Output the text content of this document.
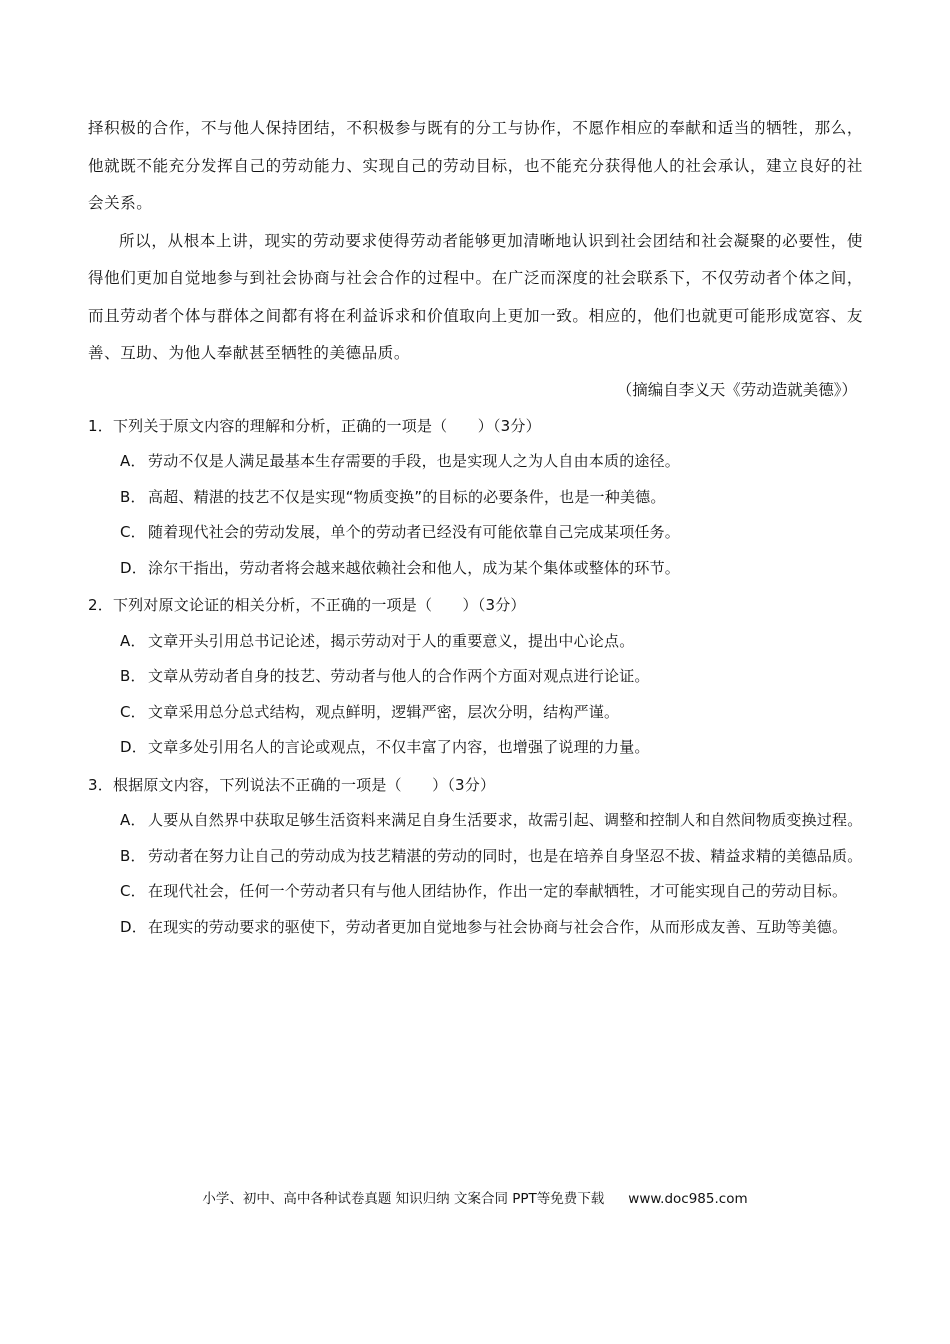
择积极的合作，不与他人保持团结，不积极参与既有的分工与协作，不愿作相应的奉献和适当的牺牲，那么，他就既不能充分发挥自己的劳动能力、实现自己的劳动目标，也不能充分获得他人的社会承认，建立良好的社会关系。

所以，从根本上讲，现实的劳动要求使得劳动者能够更加清晰地认识到社会团结和社会凝聚的必要性，使得他们更加自觉地参与到社会协商与社会合作的过程中。在广泛而深度的社会联系下，不仅劳动者个体之间，而且劳动者个体与群体之间都有将在利益诉求和价值取向上更加一致。相应的，他们也就更可能形成宽容、友善、互助、为他人奉献甚至牺牲的美德品质。

（摘编自李义天《劳动造就美德》）

1．下列关于原文内容的理解和分析，正确的一项是（　　）（3分）

A． 劳动不仅是人满足最基本生存需要的手段，也是实现人之为人自由本质的途径。

B． 高超、精湛的技艺不仅是实现“物质变换”的目标的必要条件，也是一种美德。

C． 随着现代社会的劳动发展，单个的劳动者已经没有可能依靠自己完成某项任务。

D．涂尔干指出，劳动者将会越来越依赖社会和他人，成为某个集体或整体的环节。

2．下列对原文论证的相关分析，不正确的一项是（　　）（3分）

A． 文章开头引用总书记论述，揭示劳动对于人的重要意义，提出中心论点。

B． 文章从劳动者自身的技艺、劳动者与他人的合作两个方面对观点进行论证。

C． 文章采用总分总式结构，观点鲜明，逻辑严密，层次分明，结构严谨。

D．文章多处引用名人的言论或观点，不仅丰富了内容，也增强了说理的力量。

3．根据原文内容，下列说法不正确的一项是（　　）（3分）

A． 人要从自然界中获取足够生活资料来满足自身生活要求，故需引起、调整和控制人和自然间物质变换过程。

B． 劳动者在努力让自己的劳动成为技艺精湛的劳动的同时，也是在培养自身坚忍不拔、精益求精的美德品质。

C． 在现代社会，任何一个劳动者只有与他人团结协作，作出一定的奉献牺牲，才可能实现自己的劳动目标。

D．在现实的劳动要求的驱使下，劳动者更加自觉地参与社会协商与社会合作，从而形成友善、互助等美德。

小学、初中、高中各种试卷真题 知识归纳 文案合同 PPT等免费下载 www.doc985.com
